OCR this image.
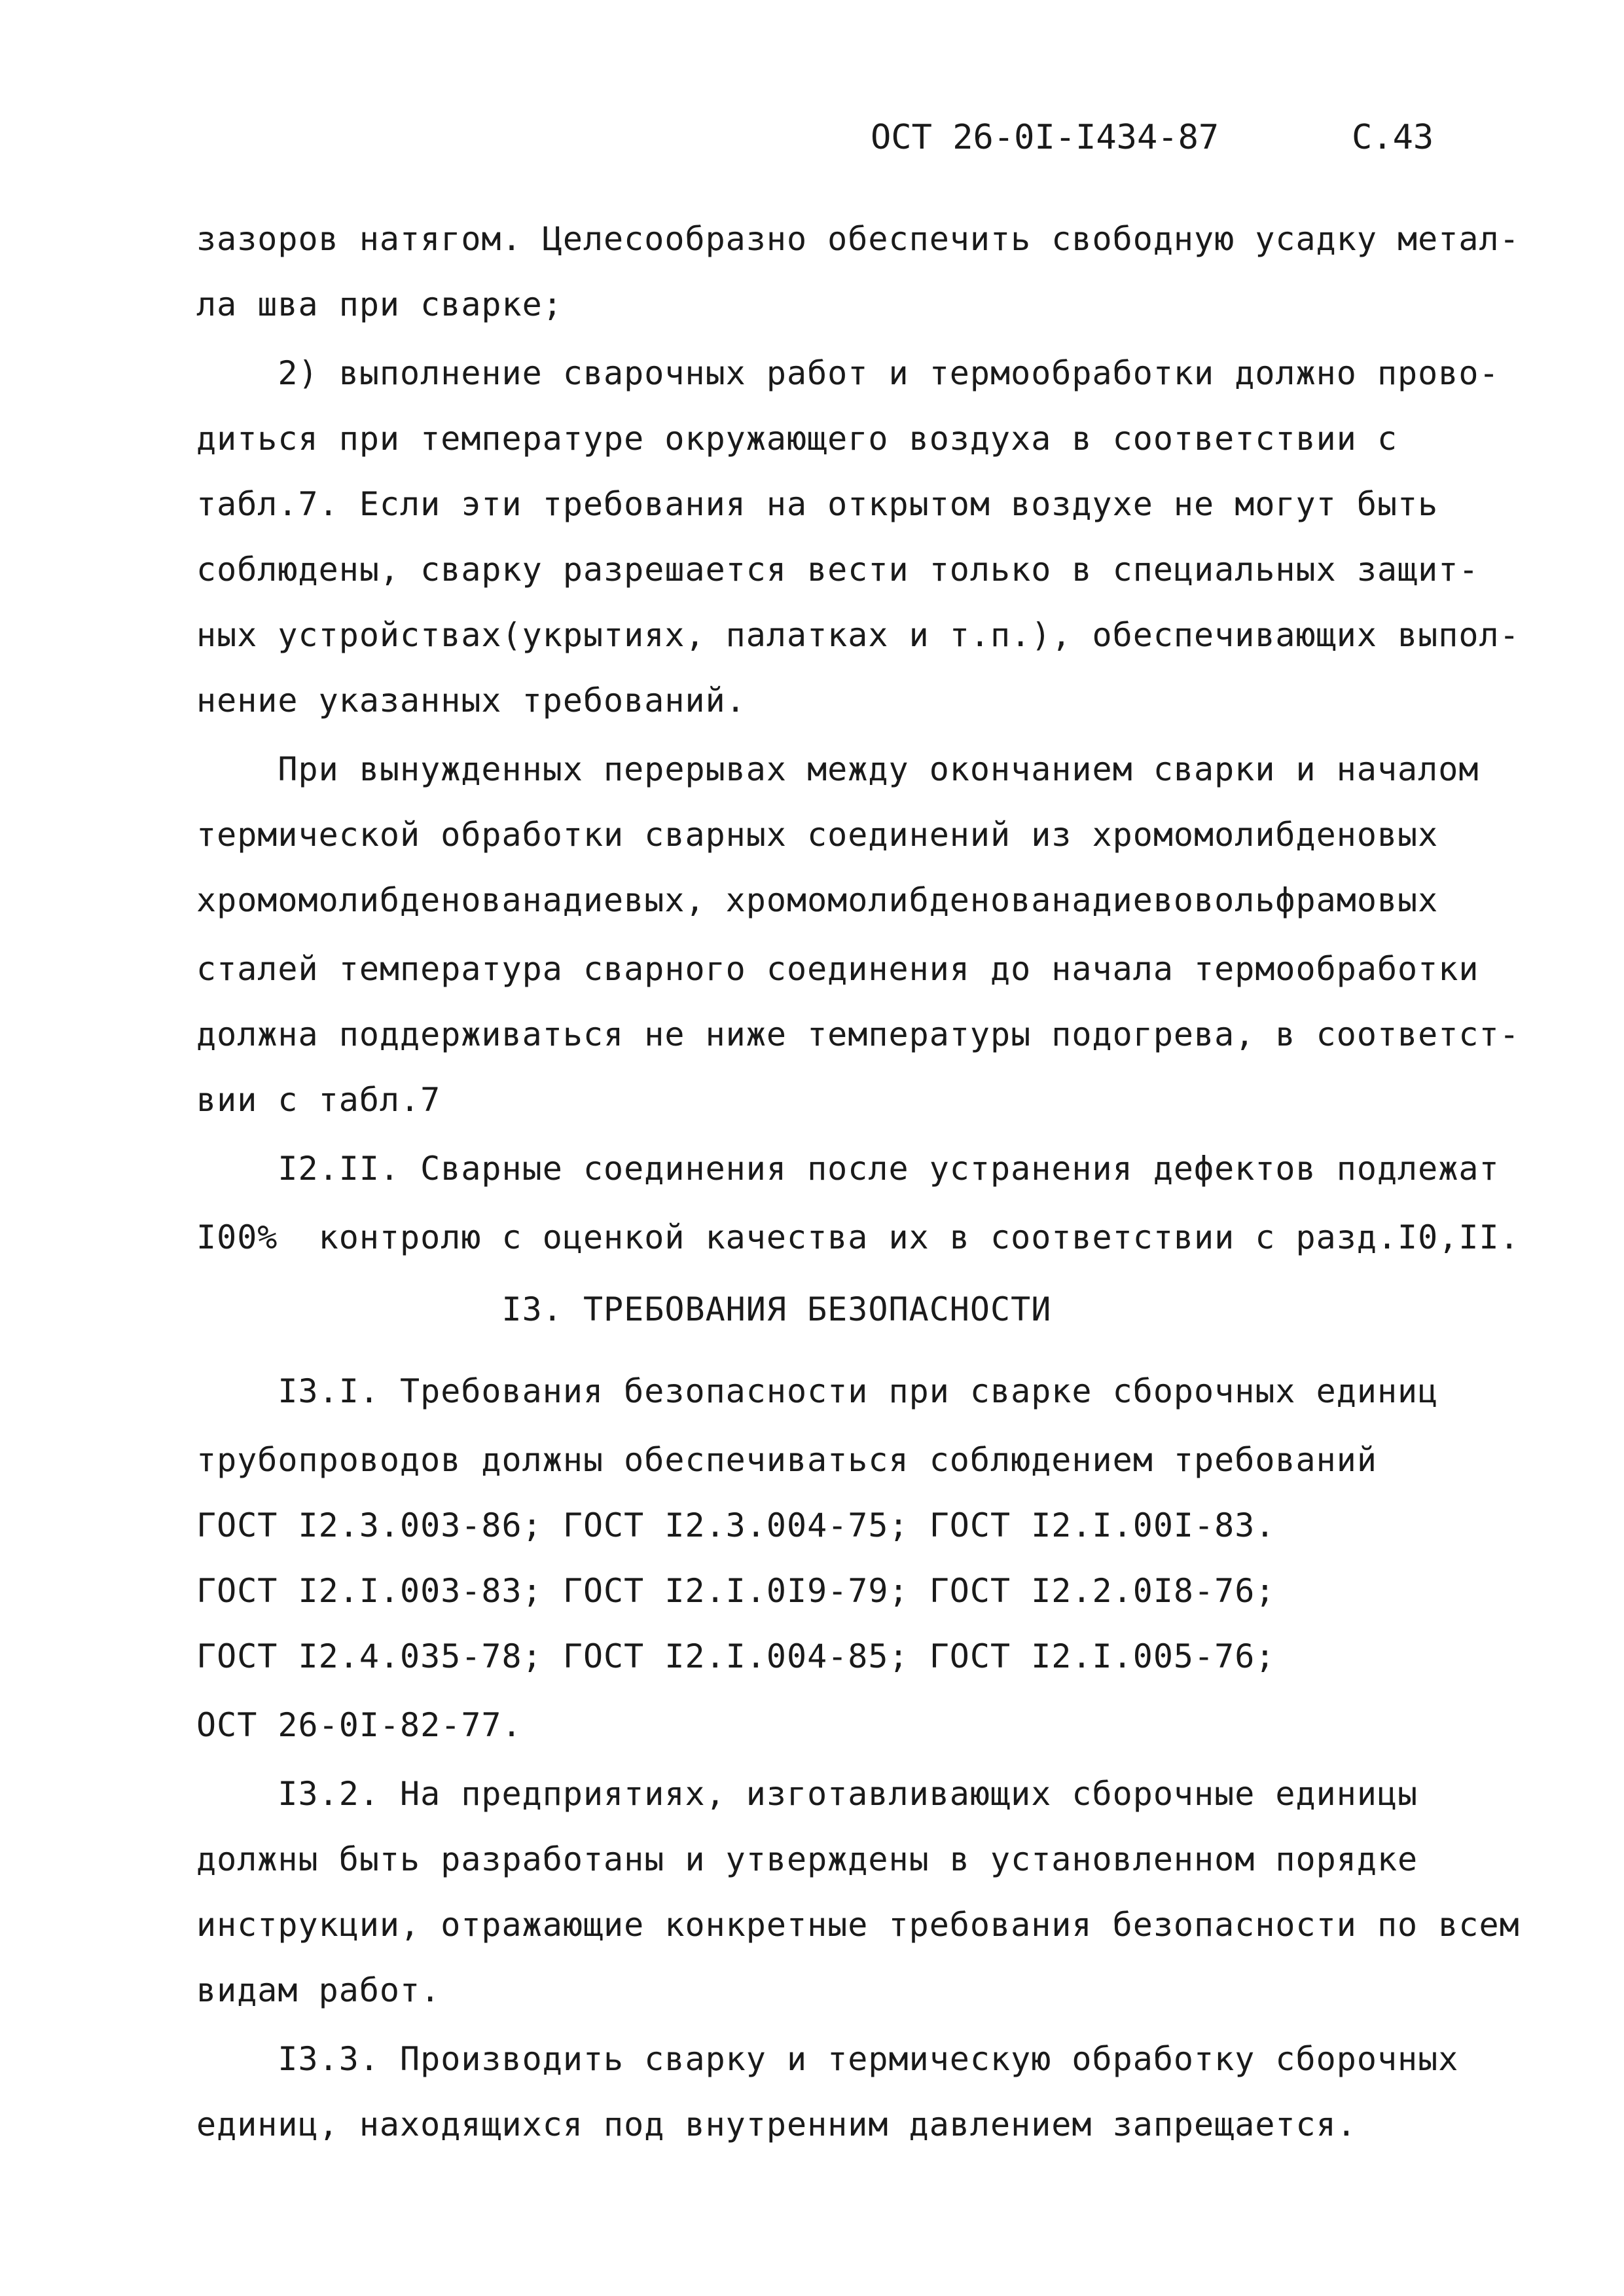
ОСТ 26-0I-I434-87	С.43
зазоров натягом. Целесообразно обеспечить свободную усадку метал-
ла шва при сварке;
2) выполнение сварочных работ и термообработки должно прово-
диться при температуре окружающего воздуха в соответствии с
табл.7. Если эти требования на открытом воздухе не могут быть
соблюдены, сварку разрешается вести только в специальных защит-
ных устройствах(укрытиях, палатках и т.п.), обеспечивающих выпол-
нение указанных требований.
При вынужденных перерывах между окончанием сварки и началом
термической обработки сварных соединений из хромомолибденовых
хромомолибденованадиевых, хромомолибденованадиевовольфрамовых
сталей температура сварного соединения до начала термообработки
должна поддерживаться не ниже температуры подогрева, в соответст-
вии с табл.7
I2.II. Сварные соединения после устранения дефектов подлежат
I00%  контролю с оценкой качества их в соответствии с разд.I0,II.
I3. ТРЕБОВАНИЯ БЕЗОПАСНОСТИ
I3.I. Требования безопасности при сварке сборочных единиц
трубопроводов должны обеспечиваться соблюдением требований
ГОСТ I2.3.003-86; ГОСТ I2.3.004-75; ГОСТ I2.I.00I-83.
ГОСТ I2.I.003-83; ГОСТ I2.I.0I9-79; ГОСТ I2.2.0I8-76;
ГОСТ I2.4.035-78; ГОСТ I2.I.004-85; ГОСТ I2.I.005-76;
ОСТ 26-0I-82-77.
I3.2. На предприятиях, изготавливающих сборочные единицы
должны быть разработаны и утверждены в установленном порядке
инструкции, отражающие конкретные требования безопасности по всем
видам работ.
I3.3. Производить сварку и термическую обработку сборочных
единиц, находящихся под внутренним давлением запрещается.
